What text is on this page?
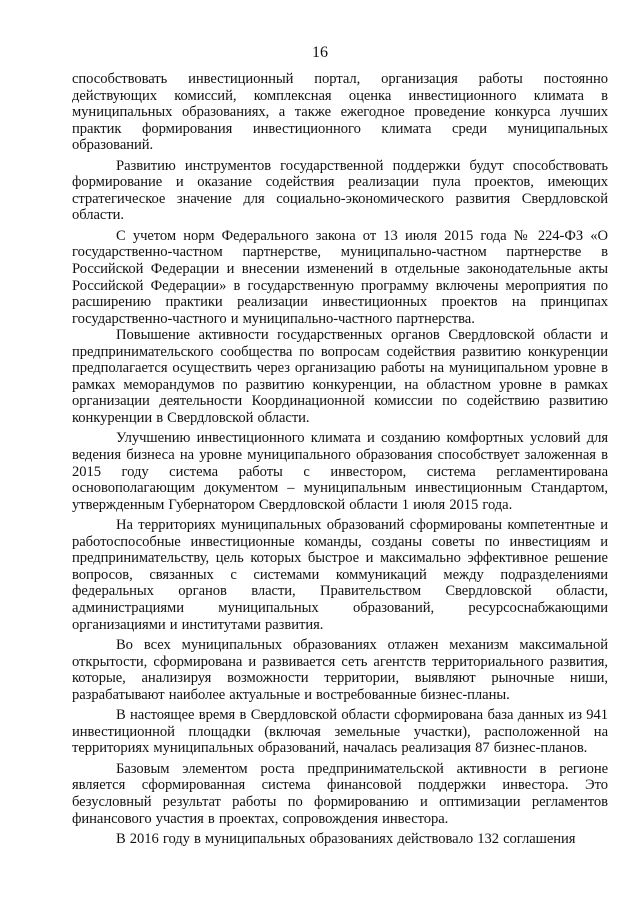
16

способствовать инвестиционный портал, организация работы постоянно действующих комиссий, комплексная оценка инвестиционного климата в муниципальных образованиях, а также ежегодное проведение конкурса лучших практик формирования инвестиционного климата среди муниципальных образований.

Развитию инструментов государственной поддержки будут способствовать формирование и оказание содействия реализации пула проектов, имеющих стратегическое значение для социально-экономического развития Свердловской области.

С учетом норм Федерального закона от 13 июля 2015 года № 224-ФЗ «О государственно-частном партнерстве, муниципально-частном партнерстве в Российской Федерации и внесении изменений в отдельные законодательные акты Российской Федерации» в государственную программу включены мероприятия по расширению практики реализации инвестиционных проектов на принципах государственно-частного и муниципально-частного партнерства.

Повышение активности государственных органов Свердловской области и предпринимательского сообщества по вопросам содействия развитию конкуренции предполагается осуществить через организацию работы на муниципальном уровне в рамках меморандумов по развитию конкуренции, на областном уровне в рамках организации деятельности Координационной комиссии по содействию развитию конкуренции в Свердловской области.

Улучшению инвестиционного климата и созданию комфортных условий для ведения бизнеса на уровне муниципального образования способствует заложенная в 2015 году система работы с инвестором, система регламентирована основополагающим документом – муниципальным инвестиционным Стандартом, утвержденным Губернатором Свердловской области 1 июля 2015 года.

На территориях муниципальных образований сформированы компетентные и работоспособные инвестиционные команды, созданы советы по инвестициям и предпринимательству, цель которых быстрое и максимально эффективное решение вопросов, связанных с системами коммуникаций между подразделениями федеральных органов власти, Правительством Свердловской области, администрациями муниципальных образований, ресурсоснабжающими организациями и институтами развития.

Во всех муниципальных образованиях отлажен механизм максимальной открытости, сформирована и развивается сеть агентств территориального развития, которые, анализируя возможности территории, выявляют рыночные ниши, разрабатывают наиболее актуальные и востребованные бизнес-планы.

В настоящее время в Свердловской области сформирована база данных из 941 инвестиционной площадки (включая земельные участки), расположенной на территориях муниципальных образований, началась реализация 87 бизнес-планов.

Базовым элементом роста предпринимательской активности в регионе является сформированная система финансовой поддержки инвестора. Это безусловный результат работы по формированию и оптимизации регламентов финансового участия в проектах, сопровождения инвестора.

В 2016 году в муниципальных образованиях действовало 132 соглашения
